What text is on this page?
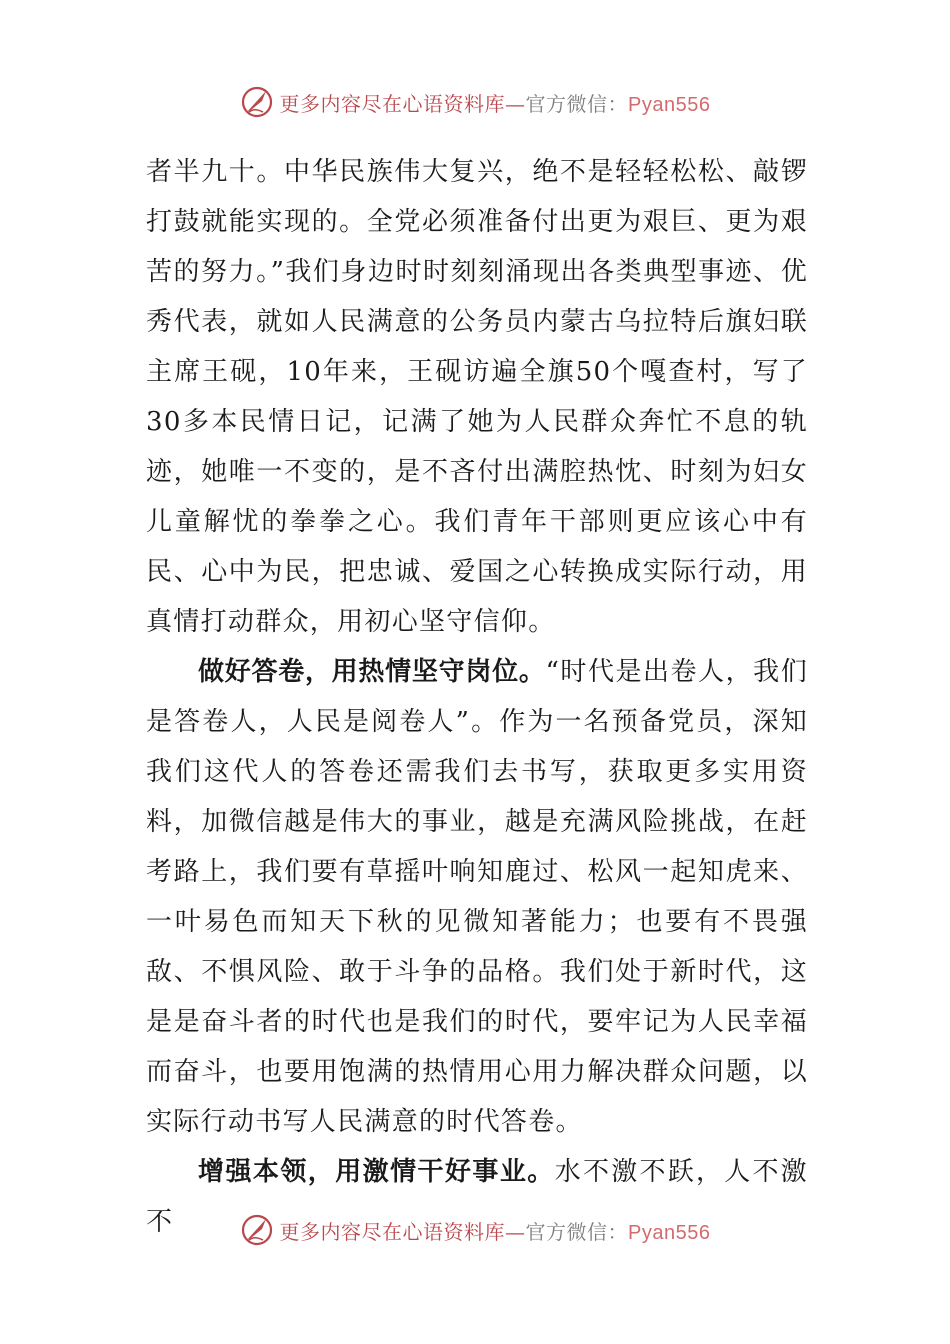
更多内容尽在心语资料库—官方微信：Pyan556

者半九十。中华民族伟大复兴，绝不是轻轻松松、敲锣打鼓就能实现的。全党必须准备付出更为艰巨、更为艰苦的努力。”我们身边时时刻刻涌现出各类典型事迹、优秀代表，就如人民满意的公务员内蒙古乌拉特后旗妇联主席王砚，10年来，王砚访遍全旗50个嘎查村，写了30多本民情日记，记满了她为人民群众奔忙不息的轨迹，她唯一不变的，是不吝付出满腔热忱、时刻为妇女儿童解忧的拳拳之心。我们青年干部则更应该心中有民、心中为民，把忠诚、爱国之心转换成实际行动，用真情打动群众，用初心坚守信仰。

做好答卷，用热情坚守岗位。“时代是出卷人，我们是答卷人，人民是阅卷人”。作为一名预备党员，深知我们这代人的答卷还需我们去书写，获取更多实用资料，加微信越是伟大的事业，越是充满风险挑战，在赶考路上，我们要有草摇叶响知鹿过、松风一起知虎来、一叶易色而知天下秋的见微知著能力；也要有不畏强敌、不惧风险、敢于斗争的品格。我们处于新时代，这是是奋斗者的时代也是我们的时代，要牢记为人民幸福而奋斗，也要用饱满的热情用心用力解决群众问题，以实际行动书写人民满意的时代答卷。

增强本领，用激情干好事业。水不激不跃，人不激不	更多内容尽在心语资料库—官方微信：Pyan556
